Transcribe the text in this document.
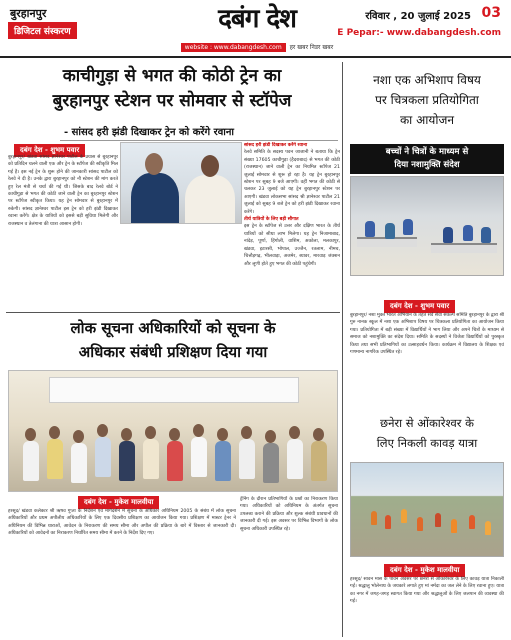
बुरहानपुर
डिजिटल संस्करण	दबंग देश
website : www.dabangdesh.com हर खबर निडर खबर
रविवार , 20 जुलाई 2025 03
E Pepar:- www.dabangdesh.com
काचीगुड़ा से भगत की कोठी ट्रेन का
बुरहानपुर स्टेशन पर सोमवार से स्टॉपेज
- सांसद हरी झंडी दिखाकर ट्रेन को करेंगे रवाना
दबंग देश - शुभम पवार
बुरहानपुर/ खंडवा सांसद ज्ञानेश्वर पाटील के प्रयास से बुरहानपुर को प्रतिदिन चलने वाली एक और ट्रेन के स्टॉपेज की स्वीकृति मिल गई है। इस नई ट्रेन के शुरू होने की जानकारी सांसद पाटील को रेलवे ने दी है। उनके द्वारा बुरहानपुर को नौ स्टेशन की मांग करते हुए रेल मंत्री से चर्चा की गई थी। जिसके बाद रेलवे बोर्ड ने काचीगुड़ा से भगत की कोठी जाने वाली ट्रेन का बुरहानपुर स्टेशन पर स्टॉपेज स्वीकृत किया। यह ट्रेन सोमवार से बुरहानपुर में रुकेगी। सांसद ज्ञानेश्वर पाटील इस ट्रेन को हरी झंडी दिखाकर रवाना करेंगे। क्षेत्र के यात्रियों को इससे बड़ी सुविधा मिलेगी और राजस्थान व तेलंगाना की यात्रा आसान होगी।
सांसद हरी झंडी दिखाकर करेंगे रवाना
रेलवे समिति के सदस्य पवन जाजानी ने बताया कि ट्रेन संख्या 17605 काचीगुड़ा (हैदराबाद) से भगत की कोठी (राजस्थान) जाने वाली ट्रेन का नियमित स्टॉपेज 21 जुलाई सोमवार से शुरू हो रहा है। यह ट्रेन बुरहानपुर स्टेशन पर सुबह 9 बजे आएगी। वहीं भगत की कोठी से चलकर 23 जुलाई को यह ट्रेन बुरहानपुर स्टेशन पर आएगी। खंडवा लोकसभा सांसद श्री ज्ञानेश्वर पाटील 21 जुलाई को सुबह 9 बजे ट्रेन को हरी झंडी दिखाकर रवाना करेंगे।
तीर्थ यात्रियों के लिए बड़ी सौगात
इस ट्रेन के स्टॉपेज से उत्तर और दक्षिण भारत के तीर्थ यात्रियों को सीधा लाभ मिलेगा। यह ट्रेन निजामाबाद, नांदेड़, पूर्णा, हिंगोली, वाशिम, अकोला, मलकापुर, खंडवा, इटारसी, भोपाल, उज्जैन, रतलाम, नीमच, चित्तौड़गढ़, भीलवाड़ा, अजमेर, ब्यावर, मारवाड़ जंक्शन और लूणी होते हुए भगत की कोठी पहुंचेगी।
लोक सूचना अधिकारियों को सूचना के
अधिकार संबंधी प्रशिक्षण दिया गया
दबंग देश - मुकेश मालवीया
हरसूद/ खंडवा कलेक्टर श्री ऋषव गुप्ता के निर्देशन एवं मार्गदर्शन में सूचना के अधिकार अधिनियम 2005 के संबंध में लोक सूचना अधिकारियों और प्रथम अपीलीय अधिकारियों के लिए एक दिवसीय प्रशिक्षण का आयोजन किया गया। प्रशिक्षण में मास्टर ट्रेनर ने अधिनियम की विभिन्न धाराओं, आवेदन के निराकरण की समय सीमा और अपील की प्रक्रिया के बारे में विस्तार से जानकारी दी। अधिकारियों को आवेदनों का निराकरण निर्धारित समय सीमा में करने के निर्देश दिए गए।
ट्रेनिंग के दौरान प्रतिभागियों के प्रश्नों का निराकरण किया गया। अधिकारियों को अधिनियम के अंतर्गत सूचना उपलब्ध कराने की प्रक्रिया और शुल्क संबंधी प्रावधानों की जानकारी दी गई। इस अवसर पर विभिन्न विभागों के लोक सूचना अधिकारी उपस्थित रहे।
नशा एक अभिशाप विषय
पर चित्रकला प्रतियोगिता
का आयोजन
बच्चों ने चित्रों के माध्यम से
दिया नशामुक्ति संदेश
दबंग देश - शुभम पवार
बुरहानपुर/ नशा मुक्त भारत अभियान के तहत सर्व सेवा संकल्प समिति बुरहानपुर के द्वारा श्री गुरु नानक स्कूल में नशा एक अभिशाप विषय पर चित्रकला प्रतियोगिता का आयोजन किया गया। प्रतियोगिता में बड़ी संख्या में विद्यार्थियों ने भाग लिया और अपने चित्रों के माध्यम से समाज को नशामुक्ति का संदेश दिया। समिति के सदस्यों ने विजेता विद्यार्थियों को पुरस्कृत किया तथा सभी प्रतिभागियों का उत्साहवर्धन किया। कार्यक्रम में विद्यालय के शिक्षक एवं गणमान्य नागरिक उपस्थित रहे।
छनेरा से ओंकारेश्वर के
लिए निकली कावड़ यात्रा
दबंग देश - मुकेश मालवीया
हरसूद/ सावन मास के पावन अवसर पर छनेरा से ओंकारेश्वर के लिए कावड़ यात्रा निकाली गई। श्रद्धालु भोलेनाथ के जयकारे लगाते हुए मां नर्मदा का जल लेने के लिए रवाना हुए। यात्रा का नगर में जगह-जगह स्वागत किया गया और श्रद्धालुओं के लिए जलपान की व्यवस्था की गई।
